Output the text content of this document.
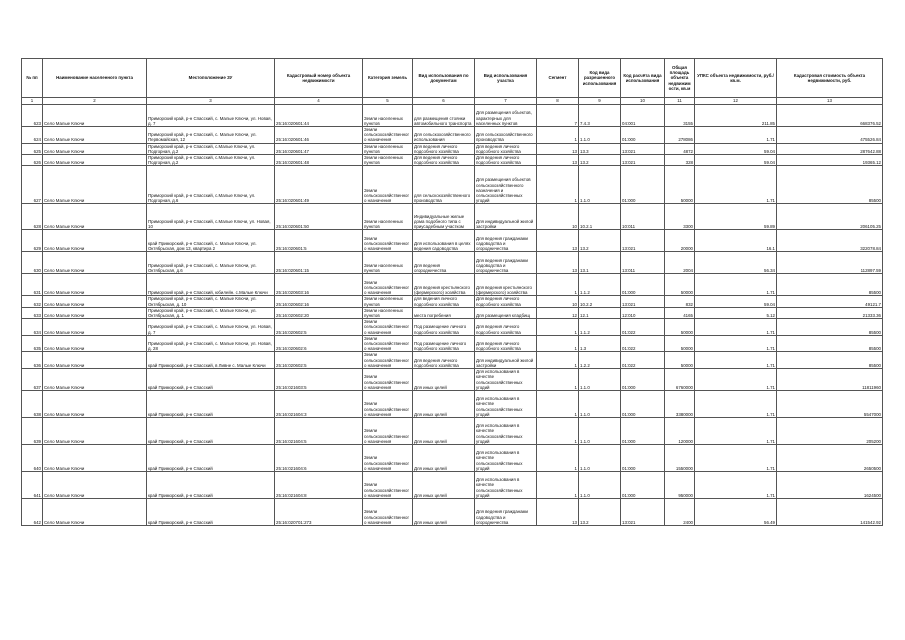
№ пп	Наименование населенного пункта	Местоположение ЗУ	Кадастровый номер объекта недвижимости	Категория земель	Вид использования по документам	Вид использования участка	Сегмент	Код вида разрешенного использования	Код расчёта вида использования	Общая площадь объекта недвижим ости, кв.м	УПКС объекта недвижимости, руб./кв.м.	Кадастровая стоимость объекта недвижимости, руб.
1	2	3	4	5	6	7	8	9	10	11	12	13
623	Село Малые Ключи	Приморский край, р-н Спасский, с. Малые Ключи, ул. Новая, д. 7	25:16:020601:44	Земли населенных пунктов	для размещения стоянки автомобильного транспорта	Для размещения объектов, характерных для населенных пунктов	7	7.4.3	04:001	3155	211.85	668376.52
624	Село Малые Ключи	Приморский край, р-н Спасский, с. Малые Ключи, ул. Первомайская, 12	25:16:020601:46	Земли сельскохозяйственного назначения	Для сельскохозяйственного использования	Для сельскохозяйственного производства	1	1.1.0	01:000	278086	1.71	475526.84
625	Село Малые Ключи	Приморский край, р-н Спасский, с.Малые Ключи, ул. Подгорная, д.2	25:16:020601:47	Земли населенных пунктов	Для ведения личного подсобного хозяйства	Для ведения личного подсобного хозяйства	13	13.3	13:021	4872	59.04	287642.88
626	Село Малые Ключи	Приморский край, р-н Спасский, с.Малые Ключи, ул. Подгорная, д.2	25:16:020601:48	Земли населенных пунктов	Для ведения личного подсобного хозяйства	Для ведения личного подсобного хозяйства	13	13.2	13:021	328	59.04	19365.12
627	Село Малые Ключи	Приморский край, р-н Спасский, с.Малые Ключи, ул. Подгорная, д.6	25:16:020601:49	Земли сельскохозяйственного назначения	для сельскохозяйственного производства	Для размещения объектов сельскохозяйственного назначения и сельскохозяйственных угодий	1	1.1.0	01:000	50000	1.71	85500
628	Село Малые Ключи	Приморский край, р-н Спасский, с.Малые Ключи, ул. Новая, 10	25:16:020601:50	Земли населенных пунктов	Индивидуальные жилые дома подобного типа с приусадебным участком	Для индивидуальной жилой застройки	10	10.2.1	10:011	3300	59.89	206105.25
629	Село Малые Ключи	край Приморский, р-н Спасский, с. Малые Ключи, ул. Октябрьская, дом 13, квартира 2	25:16:020601:5	Земли сельскохозяйственного назначения	Для использования в целях ведения садоводства	Для ведения гражданами садоводства и огородничества	13	13.2	13:021	20000	16.1	322078.84
630	Село Малые Ключи	Приморский край, р-н Спасский, с. Малые Ключи, ул. Октябрьская, д.6	25:16:020601:15	Земли населенных пунктов	Для ведения огородничества	Для ведения гражданами садоводства и огородничества	13	13.1	13:011	2004	56.34	112897.59
631	Село Малые Ключи	Приморский край, р-н Спасский, юбилейн. с.Малые Ключи	25:16:020603:16	Земли сельскохозяйственного назначения	Для ведения крестьянского (фермерского) хозяйства	Для ведения крестьянского (фермерского) хозяйства	1	1.1.2	01:000	50000	1.71	85500
632	Село Малые Ключи	Приморский край, р-н Спасский, с. Малые Ключи, ул. Октябрьская, д. 10	25:16:020602:16	Земли населенных пунктов	для ведения личного подсобного хозяйства	Для ведения личного подсобного хозяйства	10	10.2.2	13:021	832	59.04	49121.7
633	Село Малые Ключи	Приморский край, р-н Спасский, с. Малые Ключи, ул. Октябрьская, д. 1	25:16:020602:20	Земли населенных пунктов	места погребения	Для размещения кладбищ	12	12.1	12:010	4165	5.12	21333.36
634	Село Малые Ключи	Приморский край, р-н Спасский, с. Малые Ключи, ул. Новая, д. 7	25:16:020602:5	Земли сельскохозяйственного назначения	Под размещение личного подсобного хозяйства	Для ведения личного подсобного хозяйства	1	1.1.2	01:022	50000	1.71	85500
635	Село Малые Ключи	Приморский край, р-н Спасский, с. Малые Ключи, ул. Новая, д. 28	25:16:020602:6	Земли сельскохозяйственного назначения	Под размещение личного подсобного хозяйства	Для ведения личного подсобного хозяйства	1	1.3	01:022	50000	1.71	85500
636	Село Малые Ключи	край Приморский, р-н Спасский, в Ливне с. Малые Ключи	25:16:020602:5	Земли сельскохозяйственного назначения	Для ведения личного подсобного хозяйства	Для индивидуальной жилой застройки	1	1.2.2	01:022	50000	1.71	85500
637	Село Малые Ключи	край Приморский, р-н Спасский	25:16:021603:5	Земли сельскохозяйственного назначения	Для иных целей	Для использования в качестве сельскохозяйственных угодий	1	1.1.0	01:000	6760000	1.71	11811960
638	Село Малые Ключи	край Приморский, р-н Спасский	25:16:021604:3	Земли сельскохозяйственного назначения	Для иных целей	Для использования в качестве сельскохозяйственных угодий	1	1.1.0	01:000	3380000	1.71	5547000
639	Село Малые Ключи	край Приморский, р-н Спасский	25:16:021604:5	Земли сельскохозяйственного назначения	Для иных целей	Для использования в качестве сельскохозяйственных угодий	1	1.1.0	01:000	120000	1.71	205200
640	Село Малые Ключи	край Приморский, р-н Спасский	25:16:021604:6	Земли сельскохозяйственного назначения	Для иных целей	Для использования в качестве сельскохозяйственных угодий	1	1.1.0	01:000	1550000	1.71	2650500
641	Село Малые Ключи	край Приморский, р-н Спасский	25:16:021604:8	Земли сельскохозяйственного назначения	Для иных целей	Для использования в качестве сельскохозяйственных угодий	1	1.1.0	01:000	950000	1.71	1624500
642	Село Малые Ключи	край Приморский, р-н Спасский	25:16:020701:273	Земли сельскохозяйственного назначения	Для иных целей	Для ведения гражданами садоводства и огородничества	13	13.2	13:021	2400	56.49	141542.92
